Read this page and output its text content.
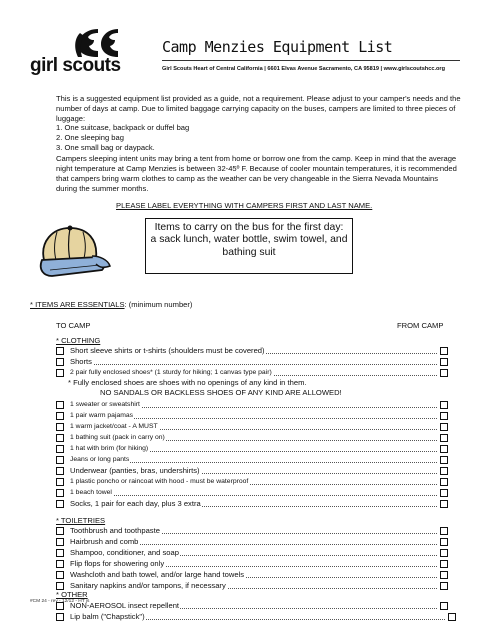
girl scouts
Camp Menzies Equipment List
Girl Scouts Heart of Central California | 6601 Elvas Avenue Sacramento, CA 95819 | www.girlscoutshcc.org
This is a suggested equipment list provided as a guide, not a requirement. Please adjust to your camper's needs and the number of days at camp. Due to limited baggage carrying capacity on the buses, campers are limited to three pieces of luggage:
1. One suitcase, backpack or duffel bag
2. One sleeping bag
3. One small bag or daypack.
Campers sleeping intent units may bring a tent from home or borrow one from the camp. Keep in mind that the average night temperature at Camp Menzies is between 32-45º F. Because of cooler mountain temperatures, it is recommended that campers bring warm clothes to camp as the weather can be very changeable in the Sierra Nevada Mountains during the summer months.
PLEASE LABEL EVERYTHING WITH CAMPERS FIRST AND LAST NAME.
Items to carry on the bus for the first day:
a sack lunch, water bottle, swim towel, and
bathing suit
* ITEMS ARE ESSENTIALS: (minimum number)
TO CAMP	FROM CAMP
* CLOTHING
Short sleeve shirts or t-shirts (shoulders must be covered)
Shorts
2 pair fully enclosed shoes* (1 sturdy for hiking; 1 canvas type pair)
* Fully enclosed shoes are shoes with no openings of any kind in them.
NO SANDALS OR BACKLESS SHOES OF ANY KIND ARE ALLOWED!
1 sweater or sweatshirt
1 pair warm pajamas
1 warm jacket/coat - A MUST
1 bathing suit (pack in carry on)
1 hat with brim (for hiking)
Jeans or long pants
Underwear (panties, bras, undershirts)
1 plastic poncho or raincoat with hood - must be waterproof
1 beach towel
Socks, 1 pair for each day, plus 3 extra
* TOILETRIES
Toothbrush and toothpaste
Hairbrush and comb
Shampoo, conditioner, and soap
Flip flops for showering only
Washcloth and bath towel, and/or large hand towels
Sanitary napkins and/or tampons, if necessary
* OTHER
NON-AEROSOL insect repellent
Lip balm ("Chapstick")
#CM 24 - rev - 12/12 - HT js
